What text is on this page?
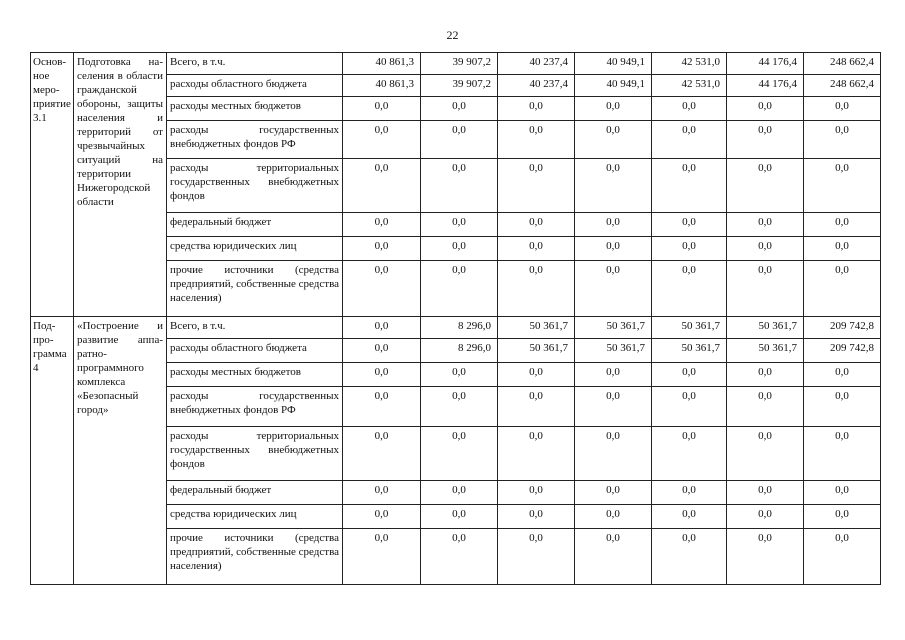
22
Основное мероприятие 3.1	Подготовка населения в области гражданской обороны, защиты населения и территорий от чрезвычайных ситуаций на территории Нижегородской области	Всего, в т.ч.	40 861,3	39 907,2	40 237,4	40 949,1	42 531,0	44 176,4	248 662,4
		расходы областного бюджета	40 861,3	39 907,2	40 237,4	40 949,1	42 531,0	44 176,4	248 662,4
		расходы местных бюджетов	0,0	0,0	0,0	0,0	0,0	0,0	0,0
		расходы государственных внебюджетных фондов РФ	0,0	0,0	0,0	0,0	0,0	0,0	0,0
		расходы территориальных государственных внебюджетных фондов	0,0	0,0	0,0	0,0	0,0	0,0	0,0
		федеральный бюджет	0,0	0,0	0,0	0,0	0,0	0,0	0,0
		средства юридических лиц	0,0	0,0	0,0	0,0	0,0	0,0	0,0
		прочие источники (средства предприятий, собственные средства населения)	0,0	0,0	0,0	0,0	0,0	0,0	0,0
Подпрограмма 4	«Построение и развитие аппаратно-программного комплекса «Безопасный город»	Всего, в т.ч.	0,0	8 296,0	50 361,7	50 361,7	50 361,7	50 361,7	209 742,8
		расходы областного бюджета	0,0	8 296,0	50 361,7	50 361,7	50 361,7	50 361,7	209 742,8
		расходы местных бюджетов	0,0	0,0	0,0	0,0	0,0	0,0	0,0
		расходы государственных внебюджетных фондов РФ	0,0	0,0	0,0	0,0	0,0	0,0	0,0
		расходы территориальных государственных внебюджетных фондов	0,0	0,0	0,0	0,0	0,0	0,0	0,0
		федеральный бюджет	0,0	0,0	0,0	0,0	0,0	0,0	0,0
		средства юридических лиц	0,0	0,0	0,0	0,0	0,0	0,0	0,0
		прочие источники (средства предприятий, собственные средства населения)	0,0	0,0	0,0	0,0	0,0	0,0	0,0
